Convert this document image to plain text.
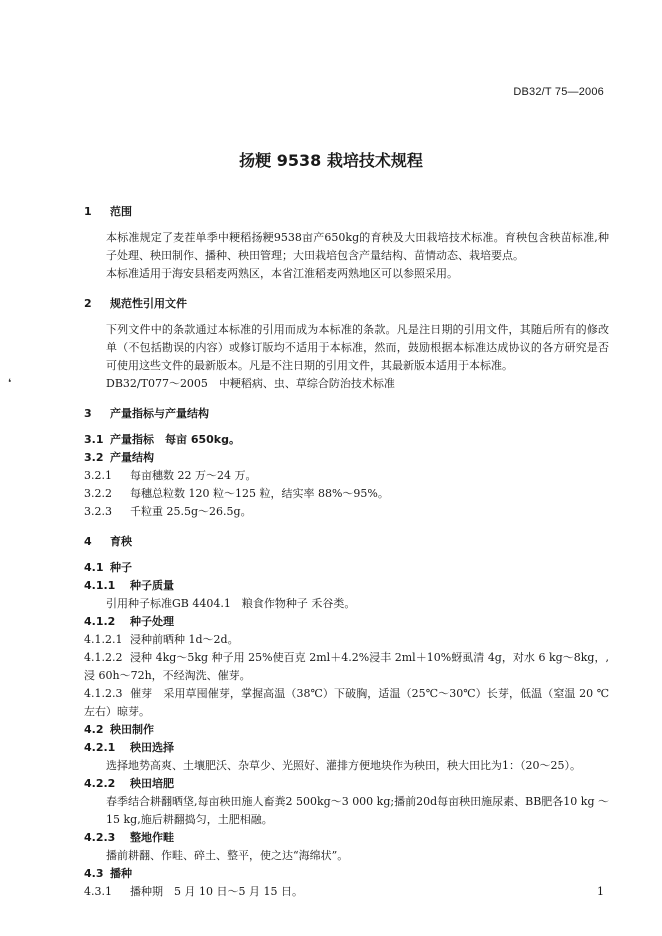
DB32/T 75—2006
扬粳 9538 栽培技术规程
❛
1 范围
本标准规定了麦茬单季中粳稻扬粳9538亩产650kg的育秧及大田栽培技术标准。育秧包含秧苗标准,种子处理、秧田制作、播种、秧田管理；大田栽培包含产量结构、苗情动态、栽培要点。
本标准适用于海安县稻麦两熟区，本省江淮稻麦两熟地区可以参照采用。
2 规范性引用文件
下列文件中的条款通过本标准的引用而成为本标准的条款。凡是注日期的引用文件，其随后所有的修改单（不包括勘误的内容）或修订版均不适用于本标准，然而，鼓励根据本标准达成协议的各方研究是否可使用这些文件的最新版本。凡是不注日期的引用文件，其最新版本适用于本标准。
DB32/T077～2005　中粳稻病、虫、草综合防治技术标准
3 产量指标与产量结构
3.1 产量指标　每亩 650kg。
3.2 产量结构
3.2.1 每亩穗数 22 万～24 万。
3.2.2 每穗总粒数 120 粒～125 粒，结实率 88%～95%。
3.2.3 千粒重 25.5g～26.5g。
4 育秧
4.1 种子
4.1.1 种子质量
引用种子标准GB 4404.1　粮食作物种子 禾谷类。
4.1.2 种子处理
4.1.2.1 浸种前晒种 1d～2d。
4.1.2.2 浸种 4kg～5kg 种子用 25%使百克 2ml＋4.2%浸丰 2ml＋10%蚜虱清 4g，对水 6 kg～8kg，,浸 60h～72h，不经淘洗、催芽。
4.1.2.3 催芽　采用草囤催芽，掌握高温（38℃）下破胸，适温（25℃～30℃）长芽，低温（窒温 20 ℃左右）晾芽。
4.2 秧田制作
4.2.1 秧田选择
选择地势高爽、土壤肥沃、杂草少、光照好、灌排方便地块作为秧田，秧大田比为1：（20～25）。
4.2.2 秧田培肥
春季结合耕翻晒垡,每亩秧田施人畜粪2 500kg～3 000 kg;播前20d每亩秧田施尿素、BB肥各10 kg ～15 kg,施后耕翻捣匀，土肥相融。
4.2.3 整地作畦
播前耕翻、作畦、碎土、整平，使之达“海绵状”。
4.3 播种
4.3.1 播种期　5 月 10 日～5 月 15 日。	1
